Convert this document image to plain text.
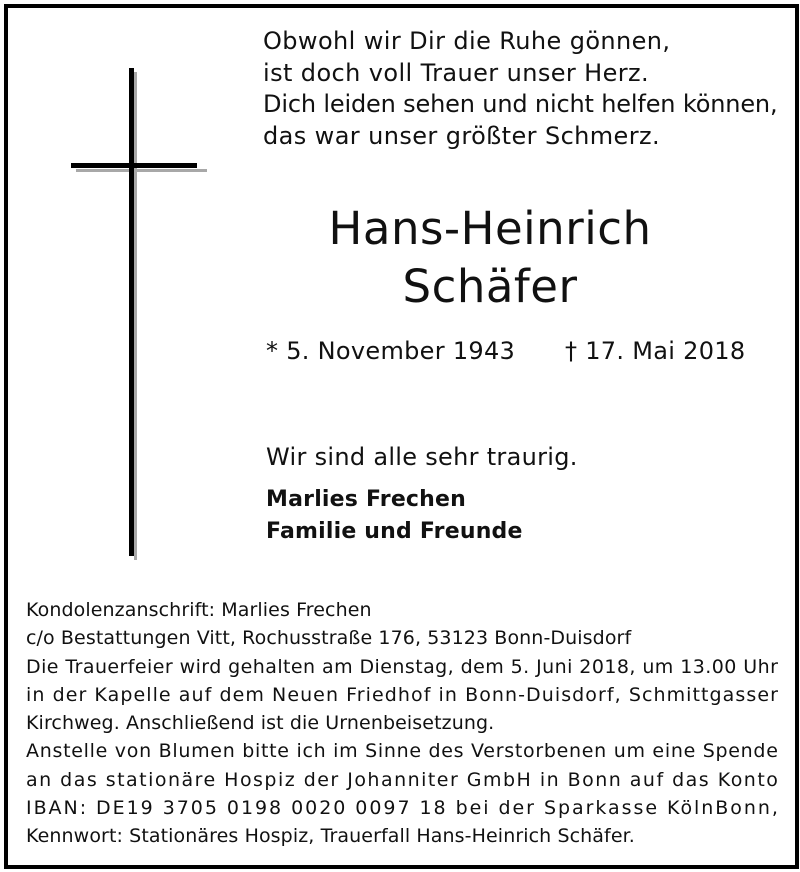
Obwohl wir Dir die Ruhe gönnen,
ist doch voll Trauer unser Herz.
Dich leiden sehen und nicht helfen können,
das war unser größter Schmerz.
Hans-Heinrich
Schäfer
* 5. November 1943 † 17. Mai 2018
Wir sind alle sehr traurig.
Marlies Frechen
Familie und Freunde
Kondolenzanschrift: Marlies Frechen
c/o Bestattungen Vitt, Rochusstraße 176, 53123 Bonn-Duisdorf
Die Trauerfeier wird gehalten am Dienstag, dem 5. Juni 2018, um 13.00 Uhr
in der Kapelle auf dem Neuen Friedhof in Bonn-Duisdorf, Schmittgasser
Kirchweg. Anschließend ist die Urnenbeisetzung.
Anstelle von Blumen bitte ich im Sinne des Verstorbenen um eine Spende
an das stationäre Hospiz der Johanniter GmbH in Bonn auf das Konto
IBAN: DE19 3705 0198 0020 0097 18 bei der Sparkasse KölnBonn,
Kennwort: Stationäres Hospiz, Trauerfall Hans-Heinrich Schäfer.
